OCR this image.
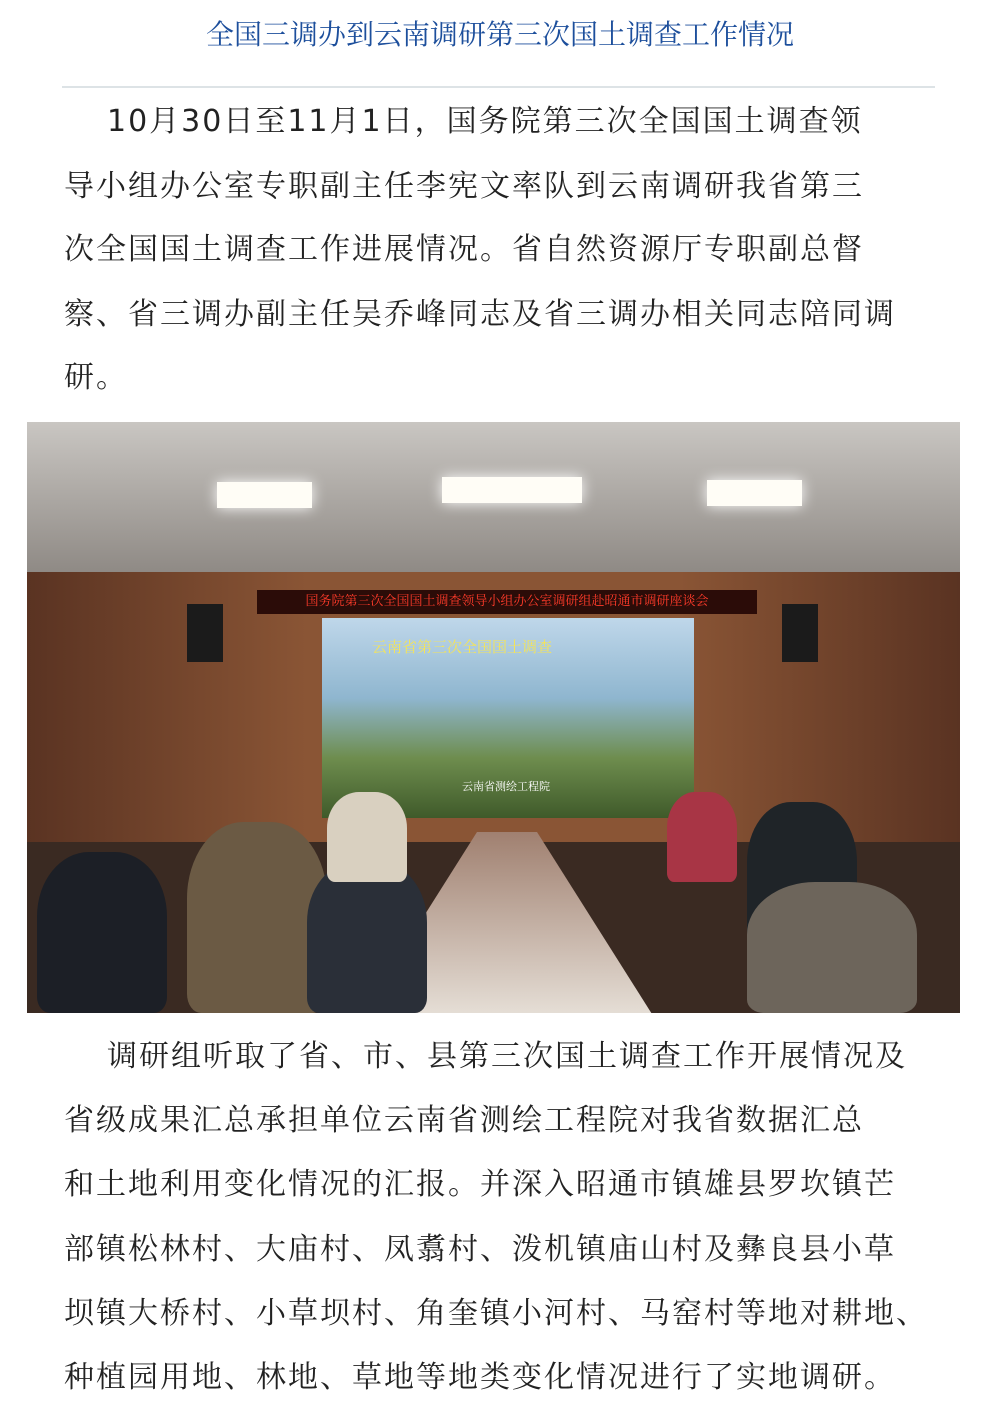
全国三调办到云南调研第三次国土调查工作情况
10月30日至11月1日，国务院第三次全国国土调查领
导小组办公室专职副主任李宪文率队到云南调研我省第三
次全国国土调查工作进展情况。省自然资源厅专职副总督
察、省三调办副主任吴乔峰同志及省三调办相关同志陪同调
研。
国务院第三次全国国土调查领导小组办公室调研组赴昭通市调研座谈会
云南省第三次全国国土调查
云南省测绘工程院
调研组听取了省、市、县第三次国土调查工作开展情况及
省级成果汇总承担单位云南省测绘工程院对我省数据汇总
和土地利用变化情况的汇报。并深入昭通市镇雄县罗坎镇芒
部镇松林村、大庙村、凤翥村、泼机镇庙山村及彝良县小草
坝镇大桥村、小草坝村、角奎镇小河村、马窑村等地对耕地、
种植园用地、林地、草地等地类变化情况进行了实地调研。
